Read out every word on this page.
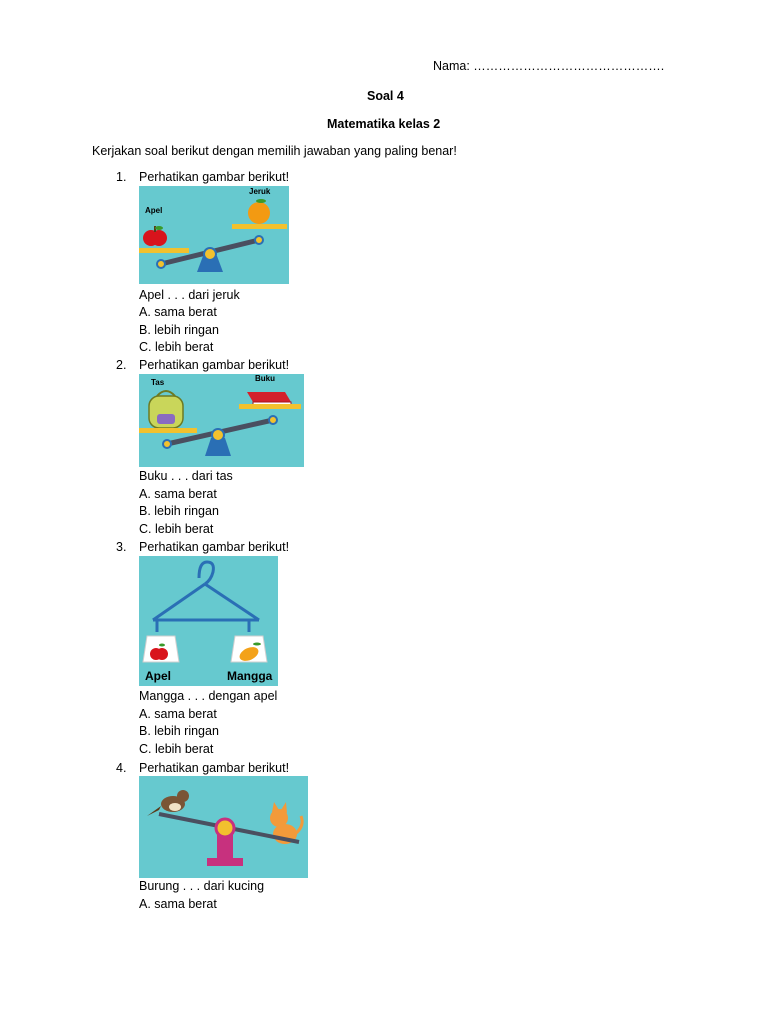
Nama: ……………………………………….
Soal 4
Matematika kelas 2
Kerjakan soal berikut dengan memilih jawaban yang paling benar!
1. Perhatikan gambar berikut!
Apel
Jeruk
Apel . . . dari jeruk
A. sama berat
B. lebih ringan
C. lebih berat
2. Perhatikan gambar berikut!
Tas	Buku
Buku . . . dari tas
A. sama berat
B. lebih ringan
C. lebih berat
3. Perhatikan gambar berikut!
Apel	Mangga
Mangga . . . dengan apel
A. sama berat
B. lebih ringan
C. lebih berat
4. Perhatikan gambar berikut!
Burung . . . dari kucing
A. sama berat
